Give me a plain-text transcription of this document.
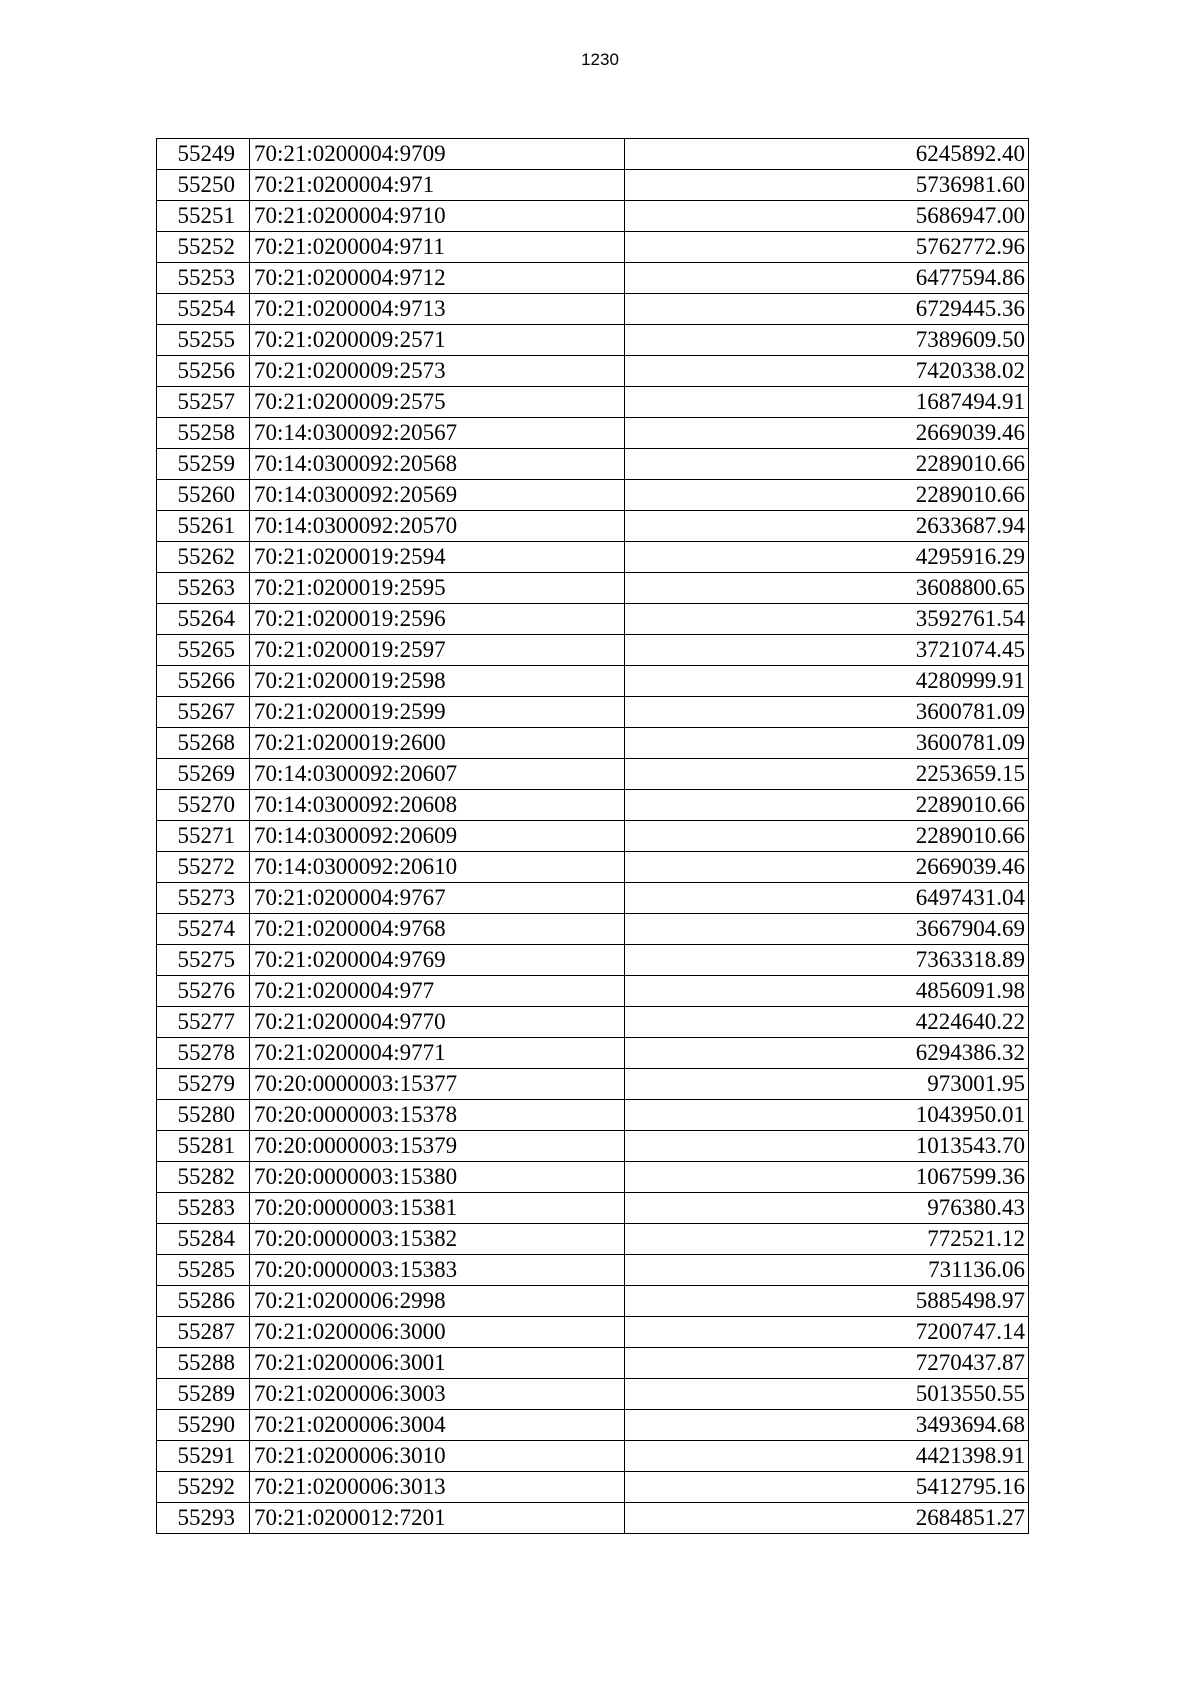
1230
55249	70:21:0200004:9709	6245892.40
55250	70:21:0200004:971	5736981.60
55251	70:21:0200004:9710	5686947.00
55252	70:21:0200004:9711	5762772.96
55253	70:21:0200004:9712	6477594.86
55254	70:21:0200004:9713	6729445.36
55255	70:21:0200009:2571	7389609.50
55256	70:21:0200009:2573	7420338.02
55257	70:21:0200009:2575	1687494.91
55258	70:14:0300092:20567	2669039.46
55259	70:14:0300092:20568	2289010.66
55260	70:14:0300092:20569	2289010.66
55261	70:14:0300092:20570	2633687.94
55262	70:21:0200019:2594	4295916.29
55263	70:21:0200019:2595	3608800.65
55264	70:21:0200019:2596	3592761.54
55265	70:21:0200019:2597	3721074.45
55266	70:21:0200019:2598	4280999.91
55267	70:21:0200019:2599	3600781.09
55268	70:21:0200019:2600	3600781.09
55269	70:14:0300092:20607	2253659.15
55270	70:14:0300092:20608	2289010.66
55271	70:14:0300092:20609	2289010.66
55272	70:14:0300092:20610	2669039.46
55273	70:21:0200004:9767	6497431.04
55274	70:21:0200004:9768	3667904.69
55275	70:21:0200004:9769	7363318.89
55276	70:21:0200004:977	4856091.98
55277	70:21:0200004:9770	4224640.22
55278	70:21:0200004:9771	6294386.32
55279	70:20:0000003:15377	973001.95
55280	70:20:0000003:15378	1043950.01
55281	70:20:0000003:15379	1013543.70
55282	70:20:0000003:15380	1067599.36
55283	70:20:0000003:15381	976380.43
55284	70:20:0000003:15382	772521.12
55285	70:20:0000003:15383	731136.06
55286	70:21:0200006:2998	5885498.97
55287	70:21:0200006:3000	7200747.14
55288	70:21:0200006:3001	7270437.87
55289	70:21:0200006:3003	5013550.55
55290	70:21:0200006:3004	3493694.68
55291	70:21:0200006:3010	4421398.91
55292	70:21:0200006:3013	5412795.16
55293	70:21:0200012:7201	2684851.27
